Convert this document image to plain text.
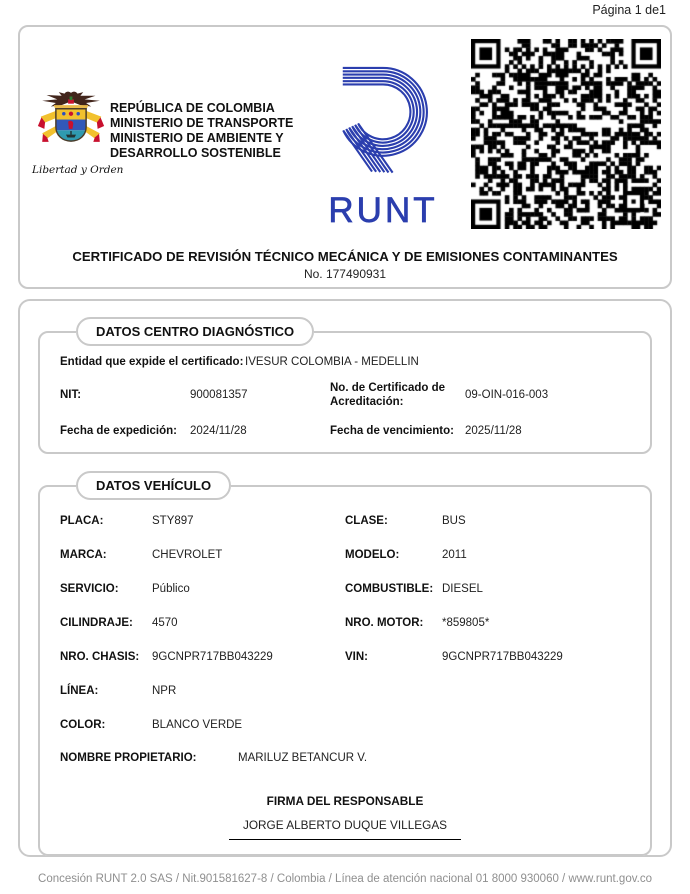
Página 1 de1
Libertad y Orden
REPÚBLICA DE COLOMBIA
MINISTERIO DE TRANSPORTE
MINISTERIO DE AMBIENTE Y
DESARROLLO SOSTENIBLE
RUNT
CERTIFICADO DE REVISIÓN TÉCNICO MECÁNICA Y DE EMISIONES CONTAMINANTES
No. 177490931
DATOS CENTRO DIAGNÓSTICO
Entidad que expide el certificado: IVESUR COLOMBIA - MEDELLIN
NIT:	900081357
No. de Certificado de Acreditación:
09-OIN-016-003
Fecha de expedición:	2024/11/28	Fecha de vencimiento: 2025/11/28
DATOS VEHÍCULO
PLACA:	STY897	CLASE:	BUS
MARCA:	CHEVROLET	MODELO:	2011
SERVICIO:	Público	COMBUSTIBLE: DIESEL
CILINDRAJE:	4570	NRO. MOTOR:	*859805*
NRO. CHASIS:	9GCNPR717BB043229	VIN:	9GCNPR717BB043229
LÍNEA:	NPR
COLOR:	BLANCO VERDE
NOMBRE PROPIETARIO:	MARILUZ BETANCUR V.
FIRMA DEL RESPONSABLE
JORGE ALBERTO DUQUE VILLEGAS
Concesión RUNT 2.0 SAS / Nit.901581627-8 / Colombia / Línea de atención nacional 01 8000 930060 / www.runt.gov.co
